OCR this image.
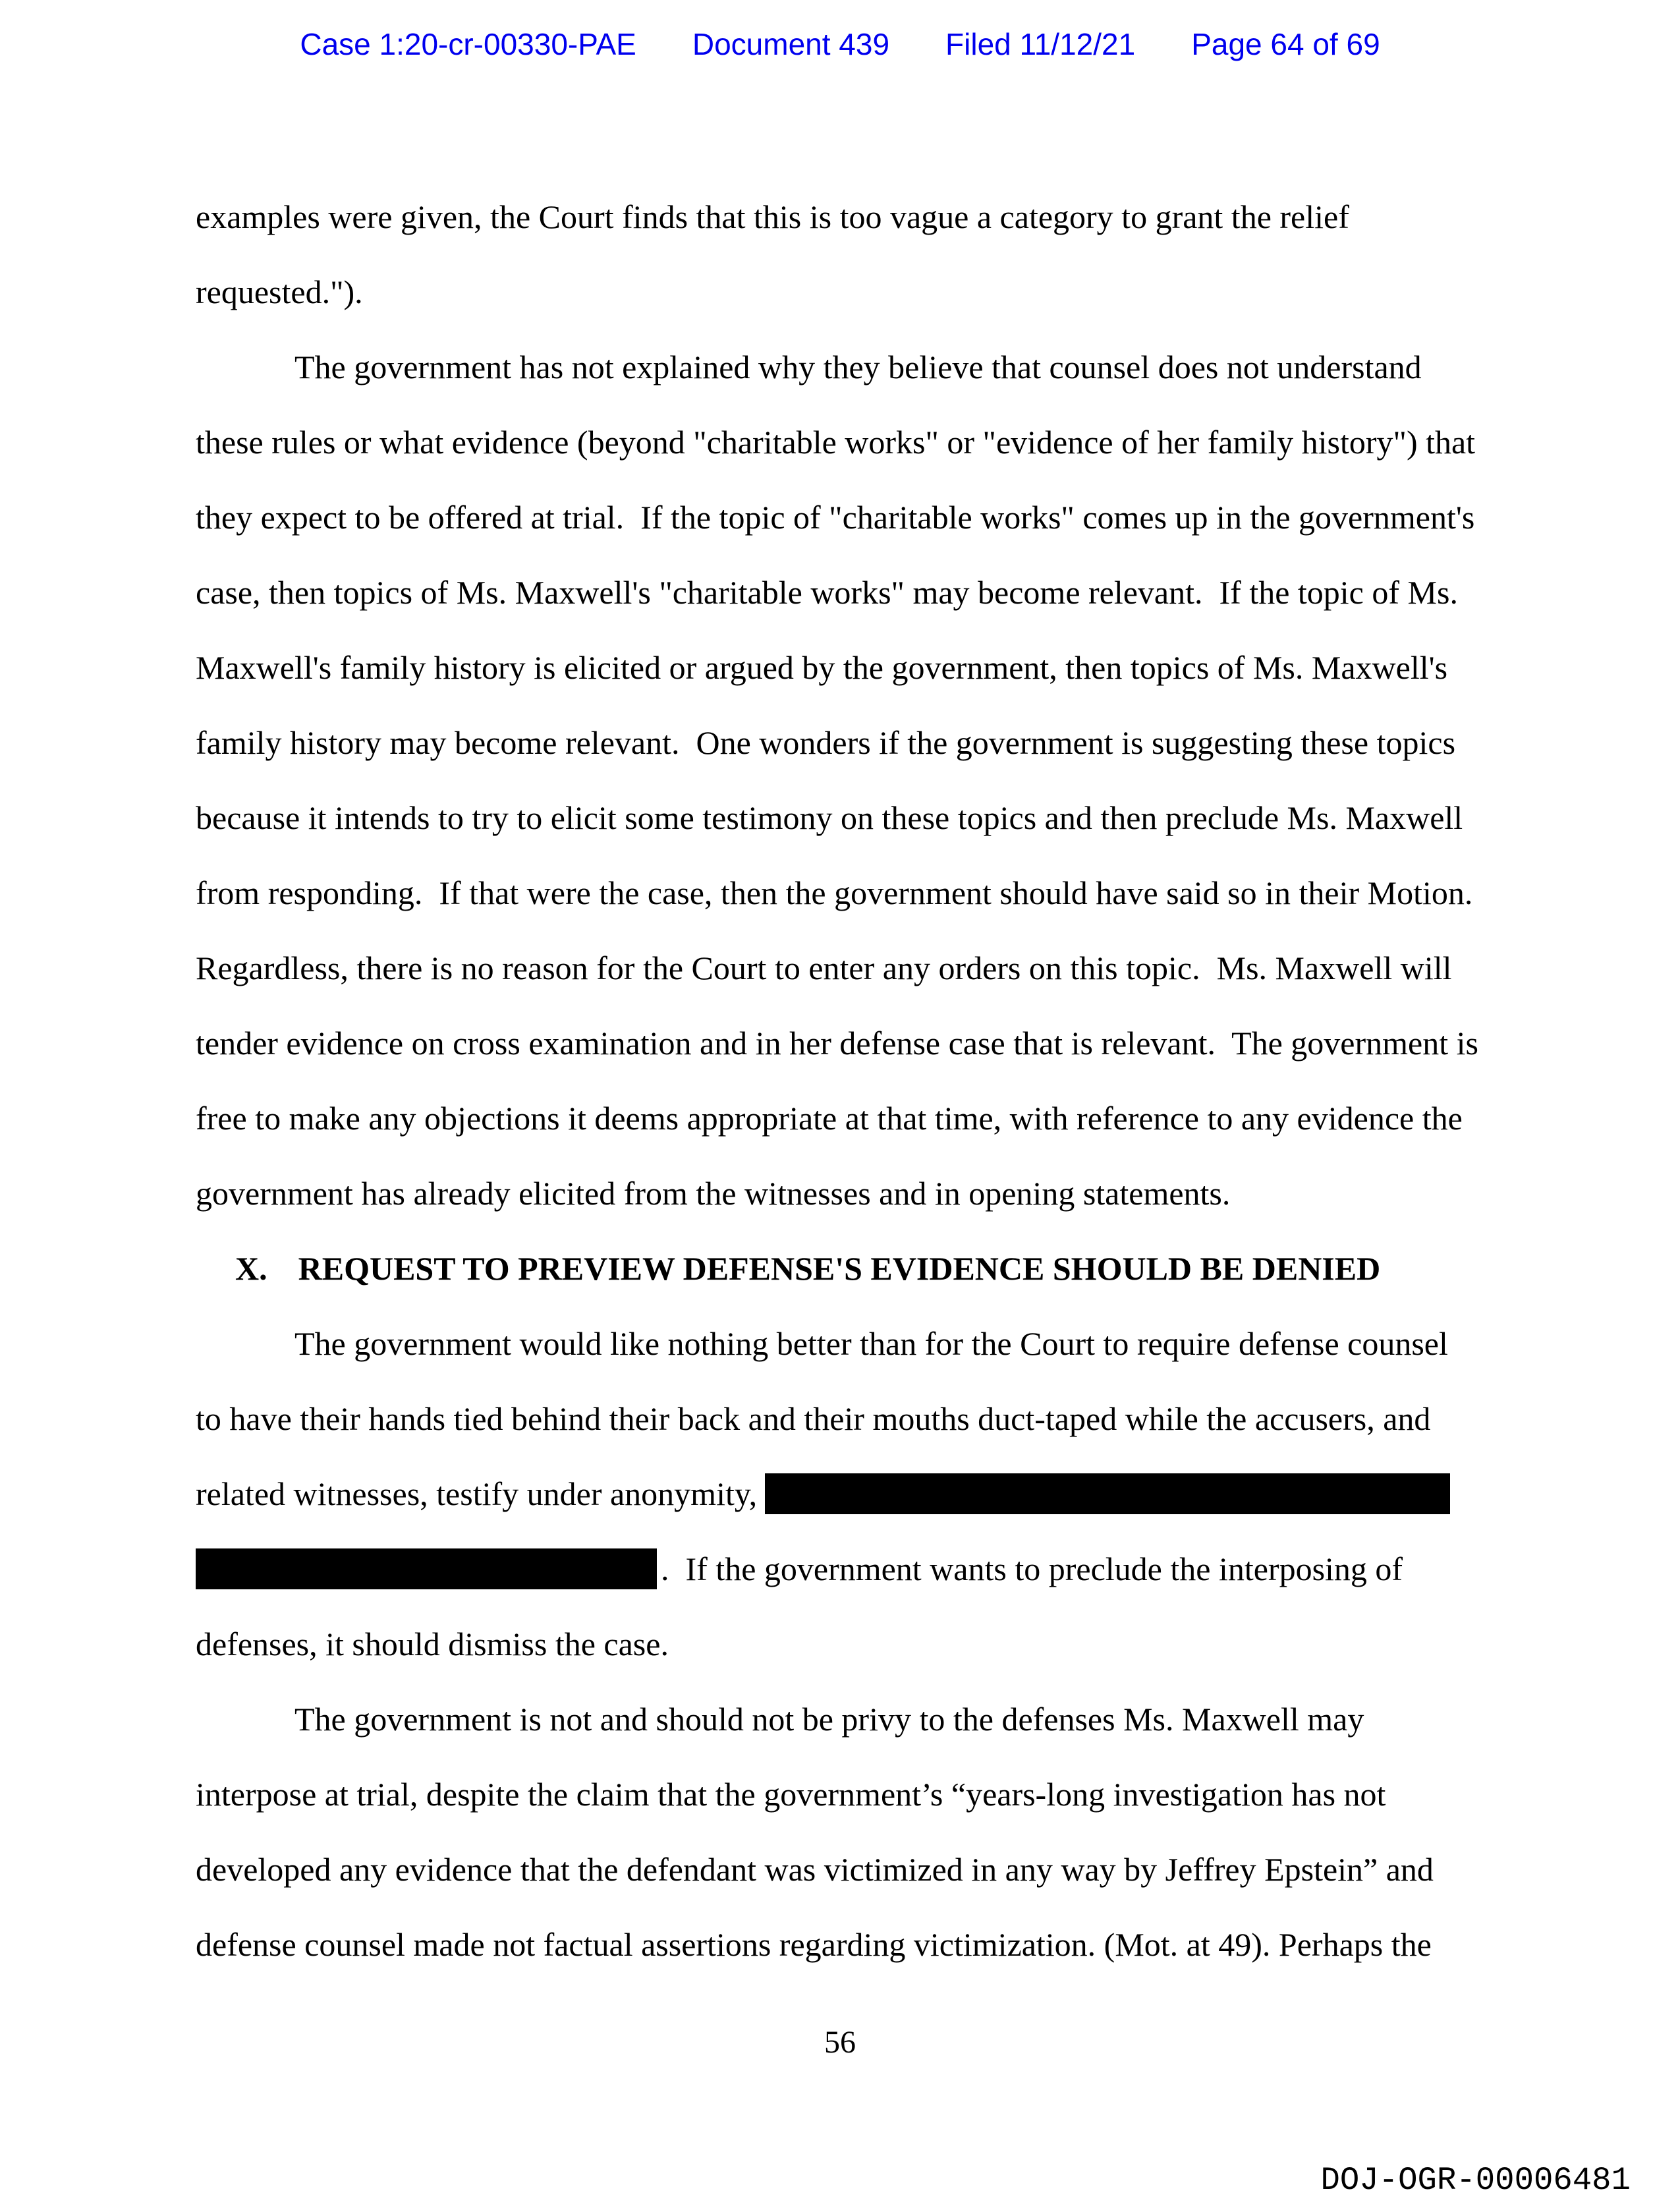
Case 1:20-cr-00330-PAE Document 439 Filed 11/12/21 Page 64 of 69
examples were given, the Court finds that this is too vague a category to grant the relief
requested.").
The government has not explained why they believe that counsel does not understand
these rules or what evidence (beyond "charitable works" or "evidence of her family history") that
they expect to be offered at trial.  If the topic of "charitable works" comes up in the government's
case, then topics of Ms. Maxwell's "charitable works" may become relevant.  If the topic of Ms.
Maxwell's family history is elicited or argued by the government, then topics of Ms. Maxwell's
family history may become relevant.  One wonders if the government is suggesting these topics
because it intends to try to elicit some testimony on these topics and then preclude Ms. Maxwell
from responding.  If that were the case, then the government should have said so in their Motion.
Regardless, there is no reason for the Court to enter any orders on this topic.  Ms. Maxwell will
tender evidence on cross examination and in her defense case that is relevant.  The government is
free to make any objections it deems appropriate at that time, with reference to any evidence the
government has already elicited from the witnesses and in opening statements.
X. REQUEST TO PREVIEW DEFENSE'S EVIDENCE SHOULD BE DENIED
The government would like nothing better than for the Court to require defense counsel
to have their hands tied behind their back and their mouths duct-taped while the accusers, and
related witnesses, testify under anonymity,
.  If the government wants to preclude the interposing of
defenses, it should dismiss the case.
The government is not and should not be privy to the defenses Ms. Maxwell may
interpose at trial, despite the claim that the government’s “years-long investigation has not
developed any evidence that the defendant was victimized in any way by Jeffrey Epstein” and
defense counsel made not factual assertions regarding victimization. (Mot. at 49). Perhaps the
56
DOJ-OGR-00006481
